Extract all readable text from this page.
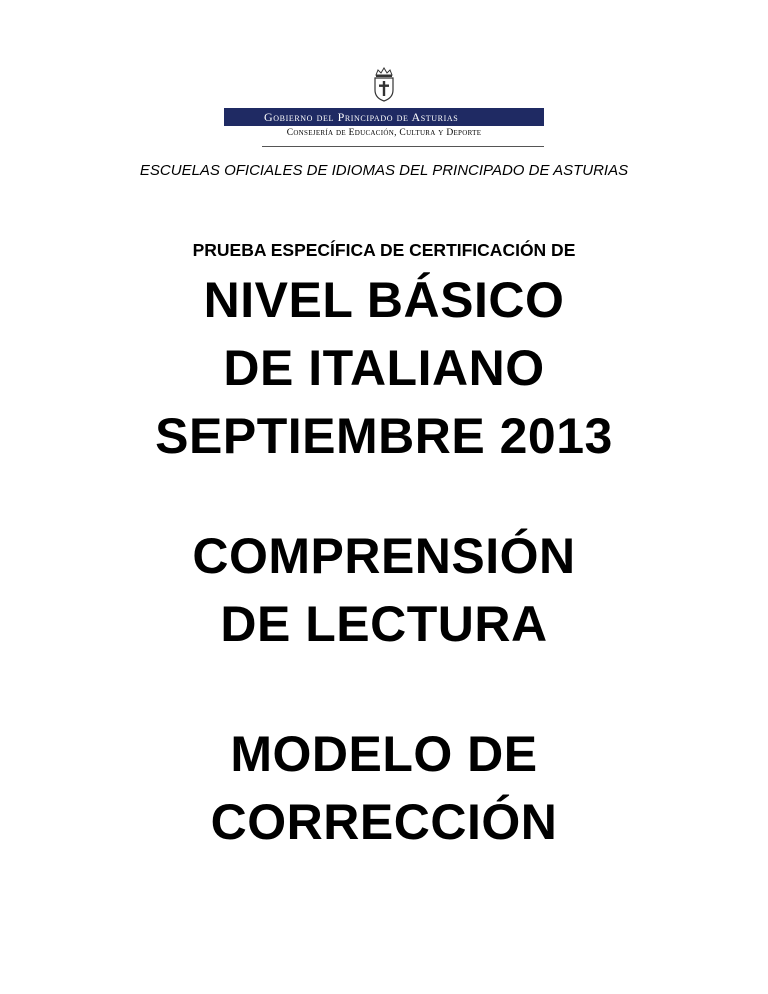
Gobierno del Principado de Asturias
Consejería de Educación, Cultura y Deporte
ESCUELAS OFICIALES DE IDIOMAS DEL PRINCIPADO DE ASTURIAS
PRUEBA ESPECÍFICA DE CERTIFICACIÓN DE
NIVEL BÁSICO
DE ITALIANO
SEPTIEMBRE 2013
COMPRENSIÓN
DE LECTURA
MODELO DE
CORRECCIÓN
